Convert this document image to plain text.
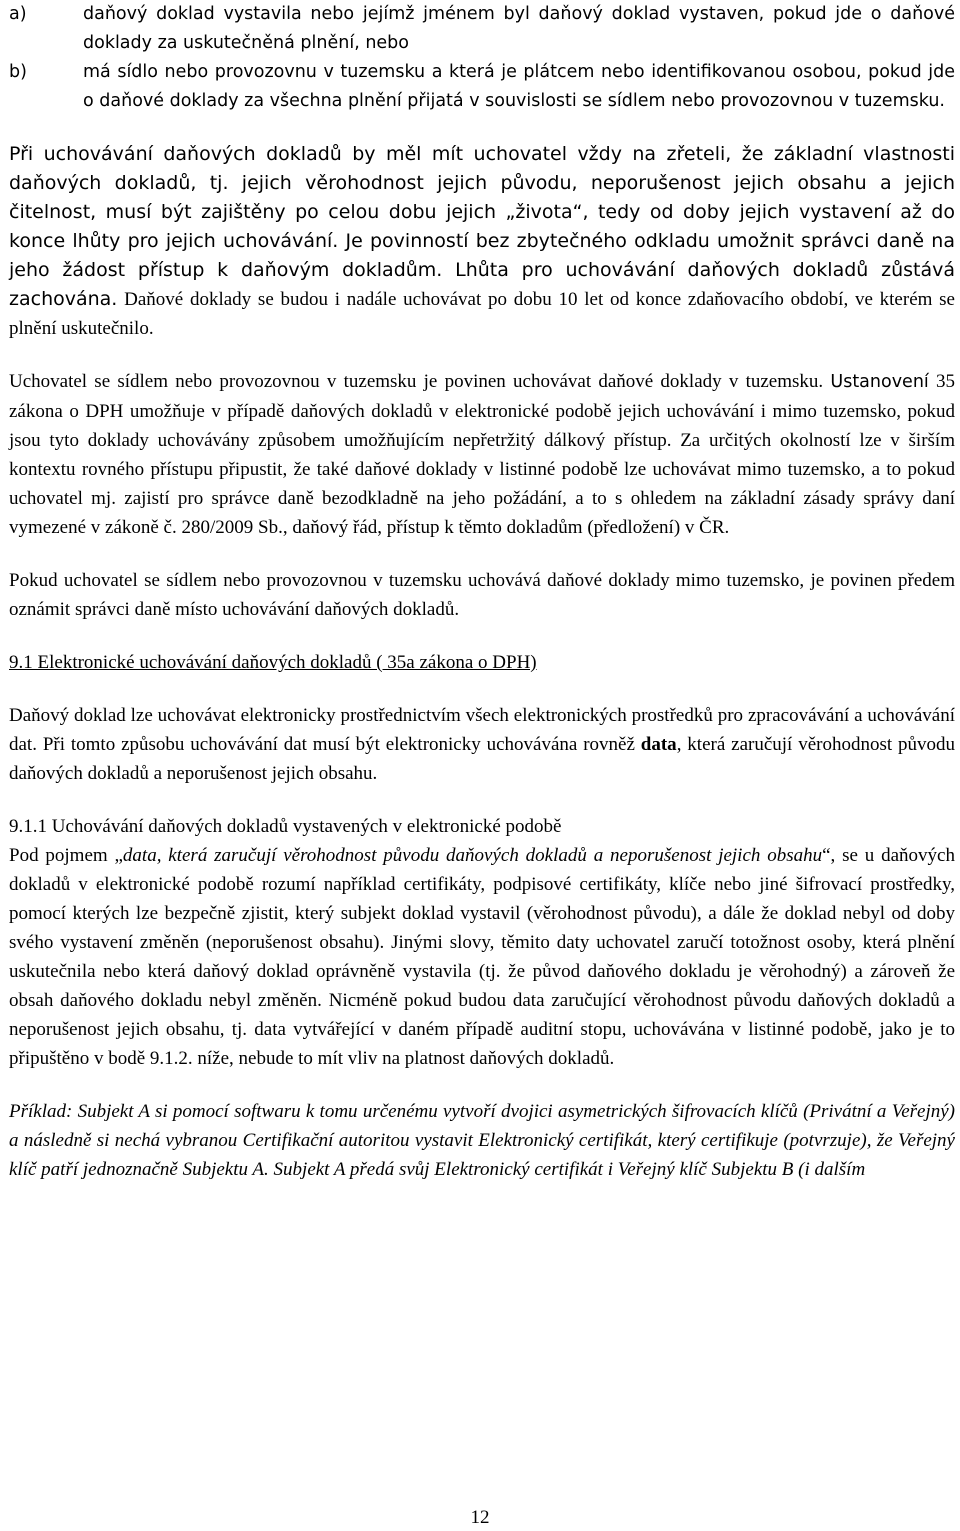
a)	daňový doklad vystavila nebo jejímž jménem byl daňový doklad vystaven, pokud jde o daňové doklady za uskutečněná plnění, nebo
b)	má sídlo nebo provozovnu v tuzemsku a která je plátcem nebo identifikovanou osobou, pokud jde o daňové doklady za všechna plnění přijatá v souvislosti se sídlem nebo provozovnou v tuzemsku.

Při uchovávání daňových dokladů by měl mít uchovatel vždy na zřeteli, že základní vlastnosti daňových dokladů, tj. jejich věrohodnost jejich původu, neporušenost jejich obsahu a jejich čitelnost, musí být zajištěny po celou dobu jejich „života“, tedy od doby jejich vystavení až do konce lhůty pro jejich uchovávání. Je povinností bez zbytečného odkladu umožnit správci daně na jeho žádost přístup k daňovým dokladům. Lhůta pro uchovávání daňových dokladů zůstává zachována. Daňové doklady se budou i nadále uchovávat po dobu 10 let od konce zdaňovacího období, ve kterém se plnění uskutečnilo.

Uchovatel se sídlem nebo provozovnou v tuzemsku je povinen uchovávat daňové doklady v tuzemsku. Ustanovení 35 zákona o DPH umožňuje v případě daňových dokladů v elektronické podobě jejich uchovávání i mimo tuzemsko, pokud jsou tyto doklady uchovávány způsobem umožňujícím nepřetržitý dálkový přístup. Za určitých okolností lze v širším kontextu rovného přístupu připustit, že také daňové doklady v listinné podobě lze uchovávat mimo tuzemsko, a to pokud uchovatel mj. zajistí pro správce daně bezodkladně na jeho požádání, a to s ohledem na základní zásady správy daní vymezené v zákoně č. 280/2009 Sb., daňový řád, přístup k těmto dokladům (předložení) v ČR.

Pokud uchovatel se sídlem nebo provozovnou v tuzemsku uchovává daňové doklady mimo tuzemsko, je povinen předem oznámit správci daně místo uchovávání daňových dokladů.

9.1 Elektronické uchovávání daňových dokladů ( 35a zákona o DPH)

Daňový doklad lze uchovávat elektronicky prostřednictvím všech elektronických prostředků pro zpracovávání a uchovávání dat. Při tomto způsobu uchovávání dat musí být elektronicky uchovávána rovněž data, která zaručují věrohodnost původu daňových dokladů a neporušenost jejich obsahu.

9.1.1 Uchovávání daňových dokladů vystavených v elektronické podobě

Pod pojmem „data, která zaručují věrohodnost původu daňových dokladů a neporušenost jejich obsahu“, se u daňových dokladů v elektronické podobě rozumí například certifikáty, podpisové certifikáty, klíče nebo jiné šifrovací prostředky, pomocí kterých lze bezpečně zjistit, který subjekt doklad vystavil (věrohodnost původu), a dále že doklad nebyl od doby svého vystavení změněn (neporušenost obsahu). Jinými slovy, těmito daty uchovatel zaručí totožnost osoby, která plnění uskutečnila nebo která daňový doklad oprávněně vystavila (tj. že původ daňového dokladu je věrohodný) a zároveň že obsah daňového dokladu nebyl změněn. Nicméně pokud budou data zaručující věrohodnost původu daňových dokladů a neporušenost jejich obsahu, tj. data vytvářející v daném případě auditní stopu, uchovávána v listinné podobě, jako je to připuštěno v bodě 9.1.2. níže, nebude to mít vliv na platnost daňových dokladů.

Příklad: Subjekt A si pomocí softwaru k tomu určenému vytvoří dvojici asymetrických šifrovacích klíčů (Privátní a Veřejný) a následně si nechá vybranou Certifikační autoritou vystavit Elektronický certifikát, který certifikuje (potvrzuje), že Veřejný klíč patří jednoznačně Subjektu A. Subjekt A předá svůj Elektronický certifikát i Veřejný klíč Subjektu B (i dalším

12
